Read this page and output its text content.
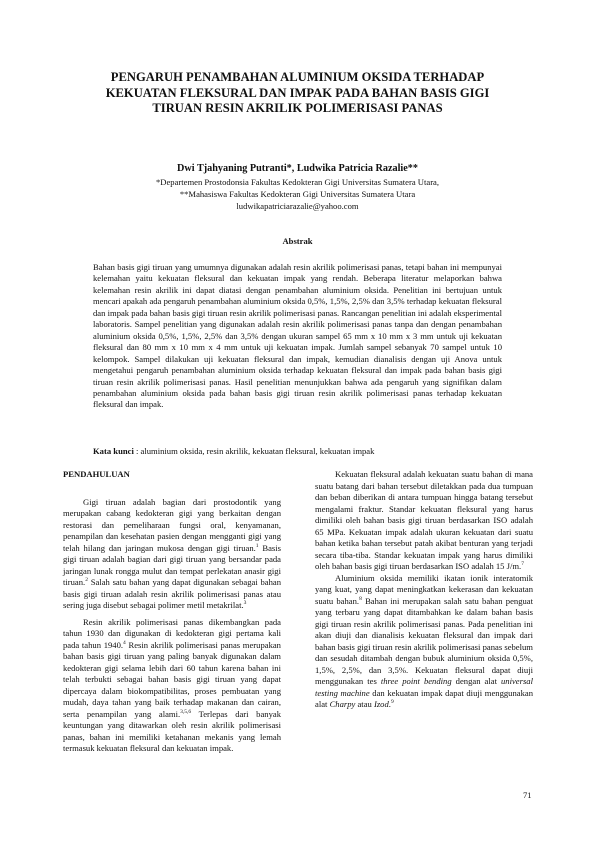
PENGARUH PENAMBAHAN ALUMINIUM OKSIDA TERHADAP KEKUATAN FLEKSURAL DAN IMPAK PADA BAHAN BASIS GIGI TIRUAN RESIN AKRILIK POLIMERISASI PANAS
Dwi Tjahyaning Putranti*, Ludwika Patricia Razalie**
*Departemen Prostodonsia Fakultas Kedokteran Gigi Universitas Sumatera Utara,
**Mahasiswa Fakultas Kedokteran Gigi Universitas Sumatera Utara
ludwikapatriciarazalie@yahoo.com
Abstrak
Bahan basis gigi tiruan yang umumnya digunakan adalah resin akrilik polimerisasi panas, tetapi bahan ini mempunyai kelemahan yaitu kekuatan fleksural dan kekuatan impak yang rendah. Beberapa literatur melaporkan bahwa kelemahan resin akrilik ini dapat diatasi dengan penambahan aluminium oksida. Penelitian ini bertujuan untuk mencari apakah ada pengaruh penambahan aluminium oksida 0,5%, 1,5%, 2,5% dan 3,5% terhadap kekuatan fleksural dan impak pada bahan basis gigi tiruan resin akrilik polimerisasi panas. Rancangan penelitian ini adalah eksperimental laboratoris. Sampel penelitian yang digunakan adalah resin akrilik polimerisasi panas tanpa dan dengan penambahan aluminium oksida 0,5%, 1,5%, 2,5% dan 3,5% dengan ukuran sampel 65 mm x 10 mm x 3 mm untuk uji kekuatan fleksural dan 80 mm x 10 mm x 4 mm untuk uji kekuatan impak. Jumlah sampel sebanyak 70 sampel untuk 10 kelompok. Sampel dilakukan uji kekuatan fleksural dan impak, kemudian dianalisis dengan uji Anova untuk mengetahui pengaruh penambahan aluminium oksida terhadap kekuatan fleksural dan impak pada bahan basis gigi tiruan resin akrilik polimerisasi panas. Hasil penelitian menunjukkan bahwa ada pengaruh yang signifikan dalam penambahan aluminium oksida pada bahan basis gigi tiruan resin akrilik polimerisasi panas terhadap kekuatan fleksural dan impak.
Kata kunci : aluminium oksida, resin akrilik, kekuatan fleksural, kekuatan impak
PENDAHULUAN

Gigi tiruan adalah bagian dari prostodontik yang merupakan cabang kedokteran gigi yang berkaitan dengan restorasi dan pemeliharaan fungsi oral, kenyamanan, penampilan dan kesehatan pasien dengan mengganti gigi yang telah hilang dan jaringan mukosa dengan gigi tiruan.$^1$ Basis gigi tiruan adalah bagian dari gigi tiruan yang bersandar pada jaringan lunak rongga mulut dan tempat perlekatan anasir gigi tiruan.$^2$ Salah satu bahan yang dapat digunakan sebagai bahan basis gigi tiruan adalah resin akrilik polimerisasi panas atau sering juga disebut sebagai polimer metil metakrilat.$^3$

Resin akrilik polimerisasi panas dikembangkan pada tahun 1930 dan digunakan di kedokteran gigi pertama kali pada tahun 1940.$^4$ Resin akrilik polimerisasi panas merupakan bahan basis gigi tiruan yang paling banyak digunakan dalam kedokteran gigi selama lebih dari 60 tahun karena bahan ini telah terbukti sebagai bahan basis gigi tiruan yang dapat dipercaya dalam biokompatibilitas, proses pembuatan yang mudah, daya tahan yang baik terhadap makanan dan cairan, serta penampilan yang alami.$^{3,5,6}$ Terlepas dari banyak keuntungan yang ditawarkan oleh resin akrilik polimerisasi panas, bahan ini memiliki ketahanan mekanis yang lemah termasuk kekuatan fleksural dan kekuatan impak.

Kekuatan fleksural adalah kekuatan suatu bahan di mana suatu batang dari bahan tersebut diletakkan pada dua tumpuan dan beban diberikan di antara tumpuan hingga batang tersebut mengalami fraktur. Standar kekuatan fleksural yang harus dimiliki oleh bahan basis gigi tiruan berdasarkan ISO adalah 65 MPa. Kekuatan impak adalah ukuran kekuatan dari suatu bahan ketika bahan tersebut patah akibat benturan yang terjadi secara tiba-tiba. Standar kekuatan impak yang harus dimiliki oleh bahan basis gigi tiruan berdasarkan ISO adalah 15 J/m.$^7$

Aluminium oksida memiliki ikatan ionik interatomik yang kuat, yang dapat meningkatkan kekerasan dan kekuatan suatu bahan.$^8$ Bahan ini merupakan salah satu bahan penguat yang terbaru yang dapat ditambahkan ke dalam bahan basis gigi tiruan resin akrilik polimerisasi panas. Pada penelitian ini akan diuji dan dianalisis kekuatan fleksural dan impak dari bahan basis gigi tiruan resin akrilik polimerisasi panas sebelum dan sesudah ditambah dengan bubuk aluminium oksida 0,5%, 1,5%, 2,5%, dan 3,5%. Kekuatan fleksural dapat diuji menggunakan tes three point bending dengan alat universal testing machine dan kekuatan impak dapat diuji menggunakan alat Charpy atau Izod.$^9$

71
